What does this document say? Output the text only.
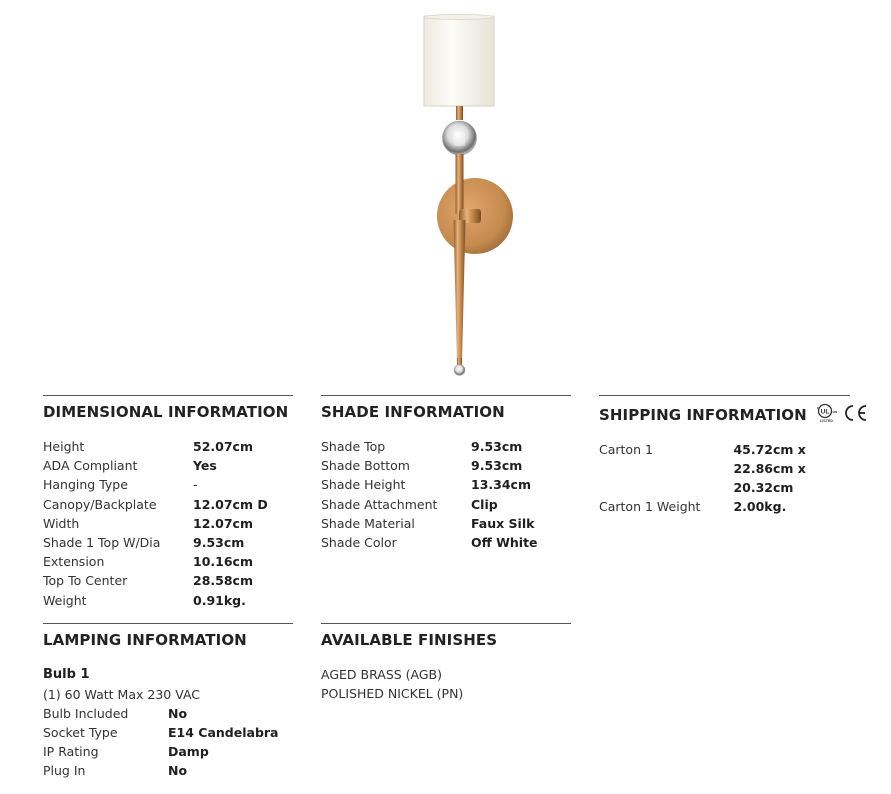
DIMENSIONAL INFORMATION
Height	52.07cm
ADA Compliant	Yes
Hanging Type	-
Canopy/Backplate	12.07cm D
Width	12.07cm
Shade 1 Top W/Dia	9.53cm
Extension	10.16cm
Top To Center	28.58cm
Weight	0.91kg.
SHADE INFORMATION
Shade Top	9.53cm
Shade Bottom	9.53cm
Shade Height	13.34cm
Shade Attachment	Clip
Shade Material	Faux Silk
Shade Color	Off White
SHIPPING INFORMATION UL
c
us
LISTED
Carton 1	45.72cm x 22.86cm x 20.32cm
Carton 1 Weight	2.00kg.
LAMPING INFORMATION
Bulb 1
(1) 60 Watt Max 230 VAC
Bulb Included	No
Socket Type	E14 Candelabra
IP Rating	Damp
Plug In	No
AVAILABLE FINISHES
AGED BRASS (AGB)
POLISHED NICKEL (PN)
